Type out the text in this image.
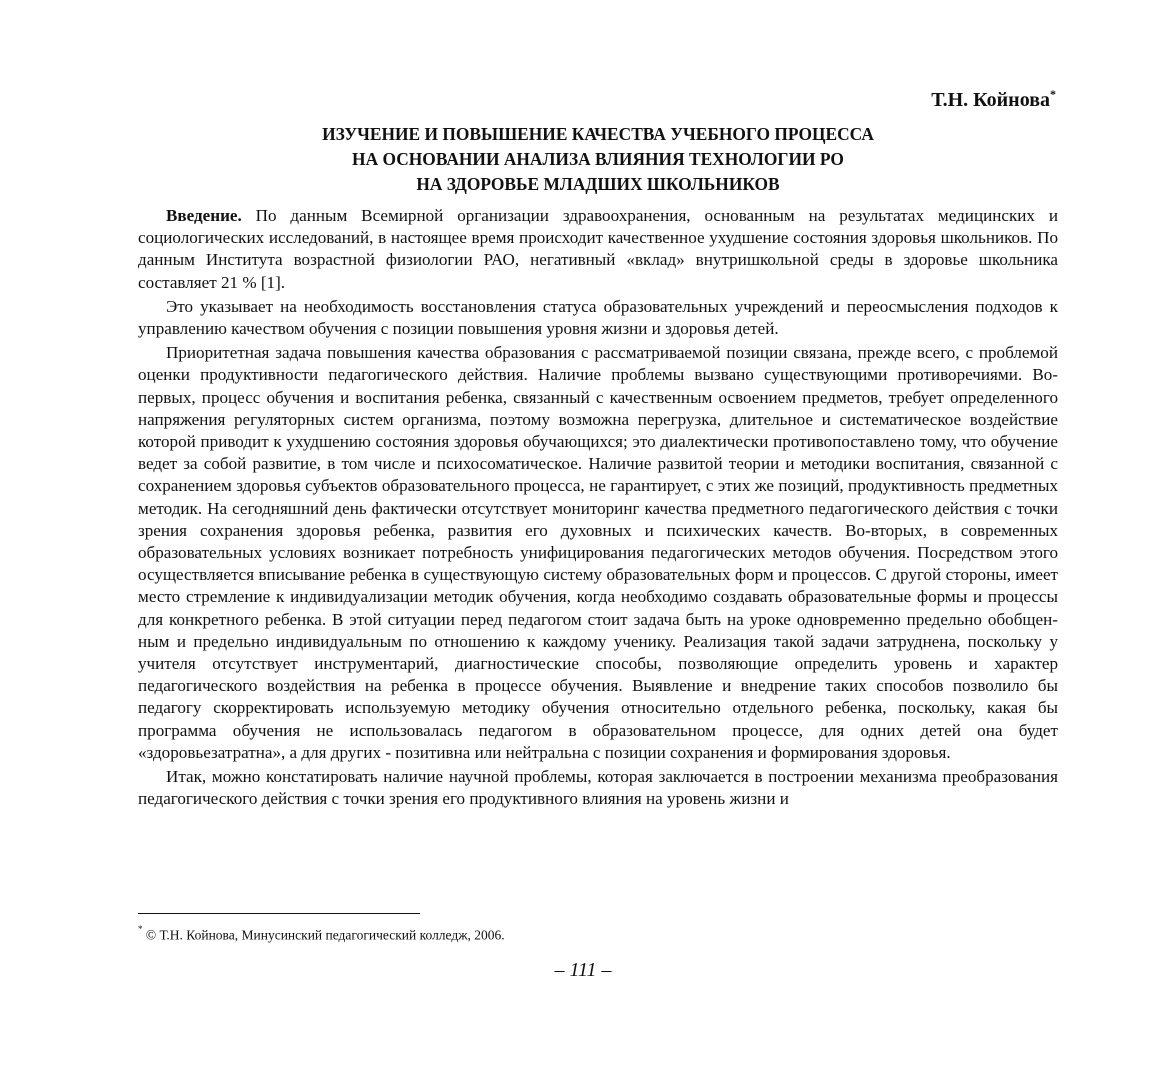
Т.Н. Койнова*
ИЗУЧЕНИЕ И ПОВЫШЕНИЕ КАЧЕСТВА УЧЕБНОГО ПРОЦЕССА
НА ОСНОВАНИИ АНАЛИЗА ВЛИЯНИЯ ТЕХНОЛОГИИ РО
НА ЗДОРОВЬЕ МЛАДШИХ ШКОЛЬНИКОВ

Введение. По данным Всемирной организации здравоохранения, основанным на результатах медицинских и социологических исследований, в настоящее время происходит качественное ухудшение состояния здоровья школьников. По данным Института возрастной физиологии РАО, негативный «вклад» внутришкольной среды в здоровье школьника составляет 21 % [1].

Это указывает на необходимость восстановления статуса образовательных учреждений и переосмысления подходов к управлению качеством обучения с позиции повышения уровня жизни и здоровья детей.

Приоритетная задача повышения качества образования с рассматриваемой позиции связана, прежде всего, с проблемой оценки продуктивности педагогического действия. Наличие проблемы вызвано существующими противоречиями. Во-первых, процесс обучения и воспитания ребенка, связанный с качественным освоением предметов, требует определенного напряжения регуляторных систем организма, поэтому возможна перегрузка, длительное и систематическое воздействие которой приводит к ухудшению состояния здоровья обучающихся; это диалектически противопоставлено тому, что обучение ведет за собой развитие, в том числе и психосоматическое. Наличие развитой теории и методики воспитания, связанной с сохранением здоровья субъектов образовательного процесса, не гарантирует, с этих же позиций, продуктивность предметных методик. На сегодняшний день фактически отсутствует мониторинг качества предметного педагогического действия с точки зрения сохранения здоровья ребенка, развития его духовных и психических качеств. Во-вторых, в современных образовательных условиях возникает потребность унифицирования педагогических методов обучения. Посредством этого осуществляется вписывание ребенка в существующую систему образовательных форм и процессов. С другой стороны, имеет место стремление к индивидуализации методик обучения, когда необходимо создавать образовательные формы и процессы для конкретного ребенка. В этой ситуации перед педагогом стоит задача быть на уроке одновременно предельно обобщенным и предельно индивидуальным по отношению к каждому ученику. Реализация такой задачи затруднена, поскольку у учителя отсутствует инструментарий, диагностические способы, позволяющие определить уровень и характер педагогического воздействия на ребенка в процессе обучения. Выявление и внедрение таких способов позволило бы педагогу скорректировать используемую методику обучения относительно отдельного ребенка, поскольку, какая бы программа обучения не использовалась педагогом в образовательном процессе, для одних детей она будет «здоровьезатратна», а для других - позитивна или нейтральна с позиции сохранения и формирования здоровья.

Итак, можно констатировать наличие научной проблемы, которая заключается в построении механизма преобразования педагогического действия с точки зрения его продуктивного влияния на уровень жизни и

* © Т.Н. Койнова, Минусинский педагогический колледж, 2006.
– 111 –
